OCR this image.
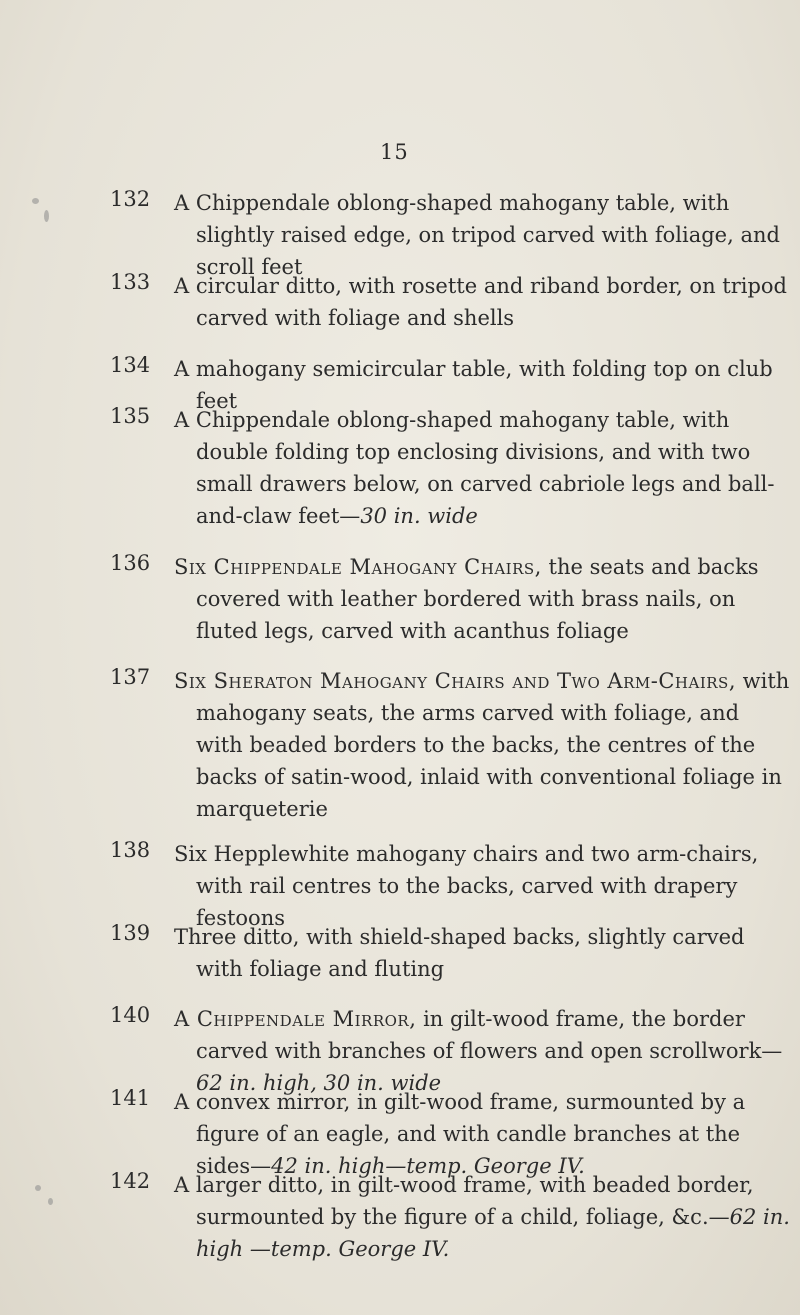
15
132	A Chippendale oblong-shaped mahogany table, with slightly raised edge, on tripod carved with foliage, and scroll feet
133	A circular ditto, with rosette and riband border, on tripod carved with foliage and shells
134	A mahogany semicircular table, with folding top on club feet
135	A Chippendale oblong-shaped mahogany table, with double folding top enclosing divisions, and with two small drawers below, on carved cabriole legs and ball-and-claw feet—30 in. wide
136	Six Chippendale Mahogany Chairs, the seats and backs covered with leather bordered with brass nails, on fluted legs, carved with acanthus foliage
137	Six Sheraton Mahogany Chairs and Two Arm-Chairs, with mahogany seats, the arms carved with foliage, and with beaded borders to the backs, the centres of the backs of satin-wood, inlaid with conventional foliage in marqueterie
138	Six Hepplewhite mahogany chairs and two arm-chairs, with rail centres to the backs, carved with drapery festoons
139	Three ditto, with shield-shaped backs, slightly carved with foliage and fluting
140	A Chippendale Mirror, in gilt-wood frame, the border carved with branches of flowers and open scrollwork—62 in. high, 30 in. wide
141	A convex mirror, in gilt-wood frame, surmounted by a figure of an eagle, and with candle branches at the sides—42 in. high—temp. George IV.
142	A larger ditto, in gilt-wood frame, with beaded border, surmounted by the figure of a child, foliage, &c.—62 in. high —temp. George IV.
